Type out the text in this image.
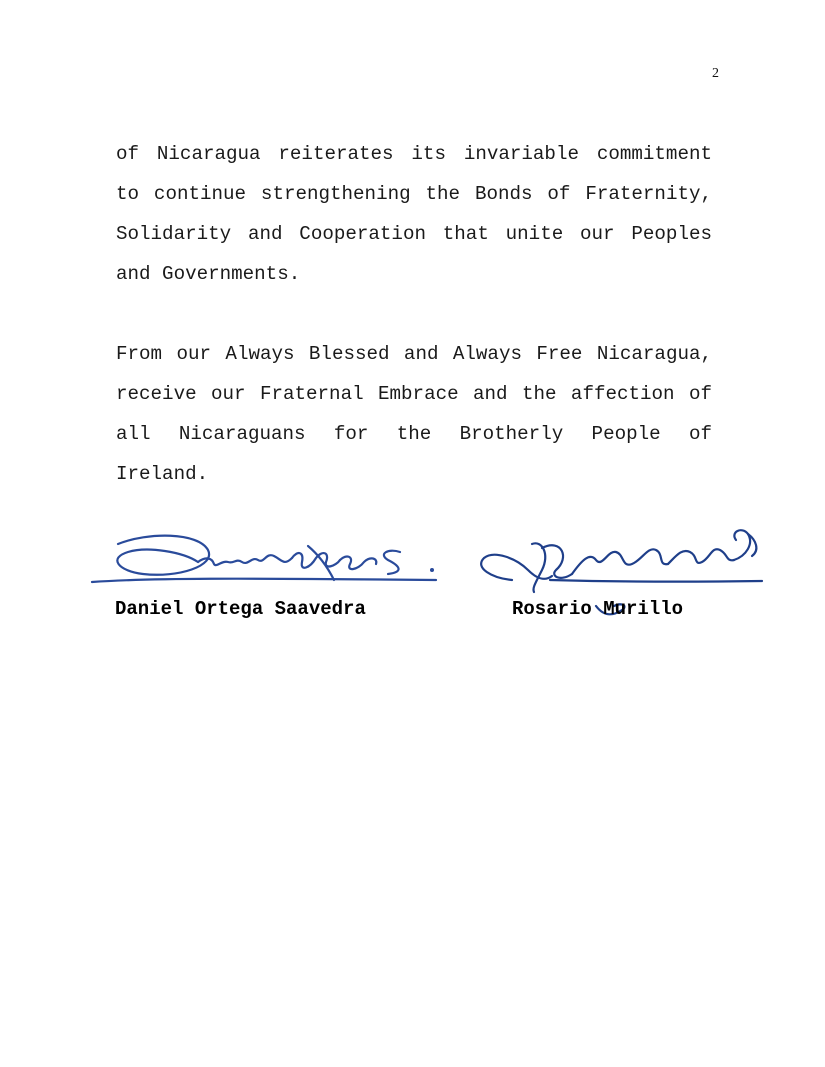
2

of Nicaragua reiterates its invariable commitment to continue strengthening the Bonds of Fraternity, Solidarity and Cooperation that unite our Peoples and Governments.

From our Always Blessed and Always Free Nicaragua, receive our Fraternal Embrace and the affection of all Nicaraguans for the Brotherly People of Ireland.

Daniel Ortega Saavedra	Rosario Murillo
